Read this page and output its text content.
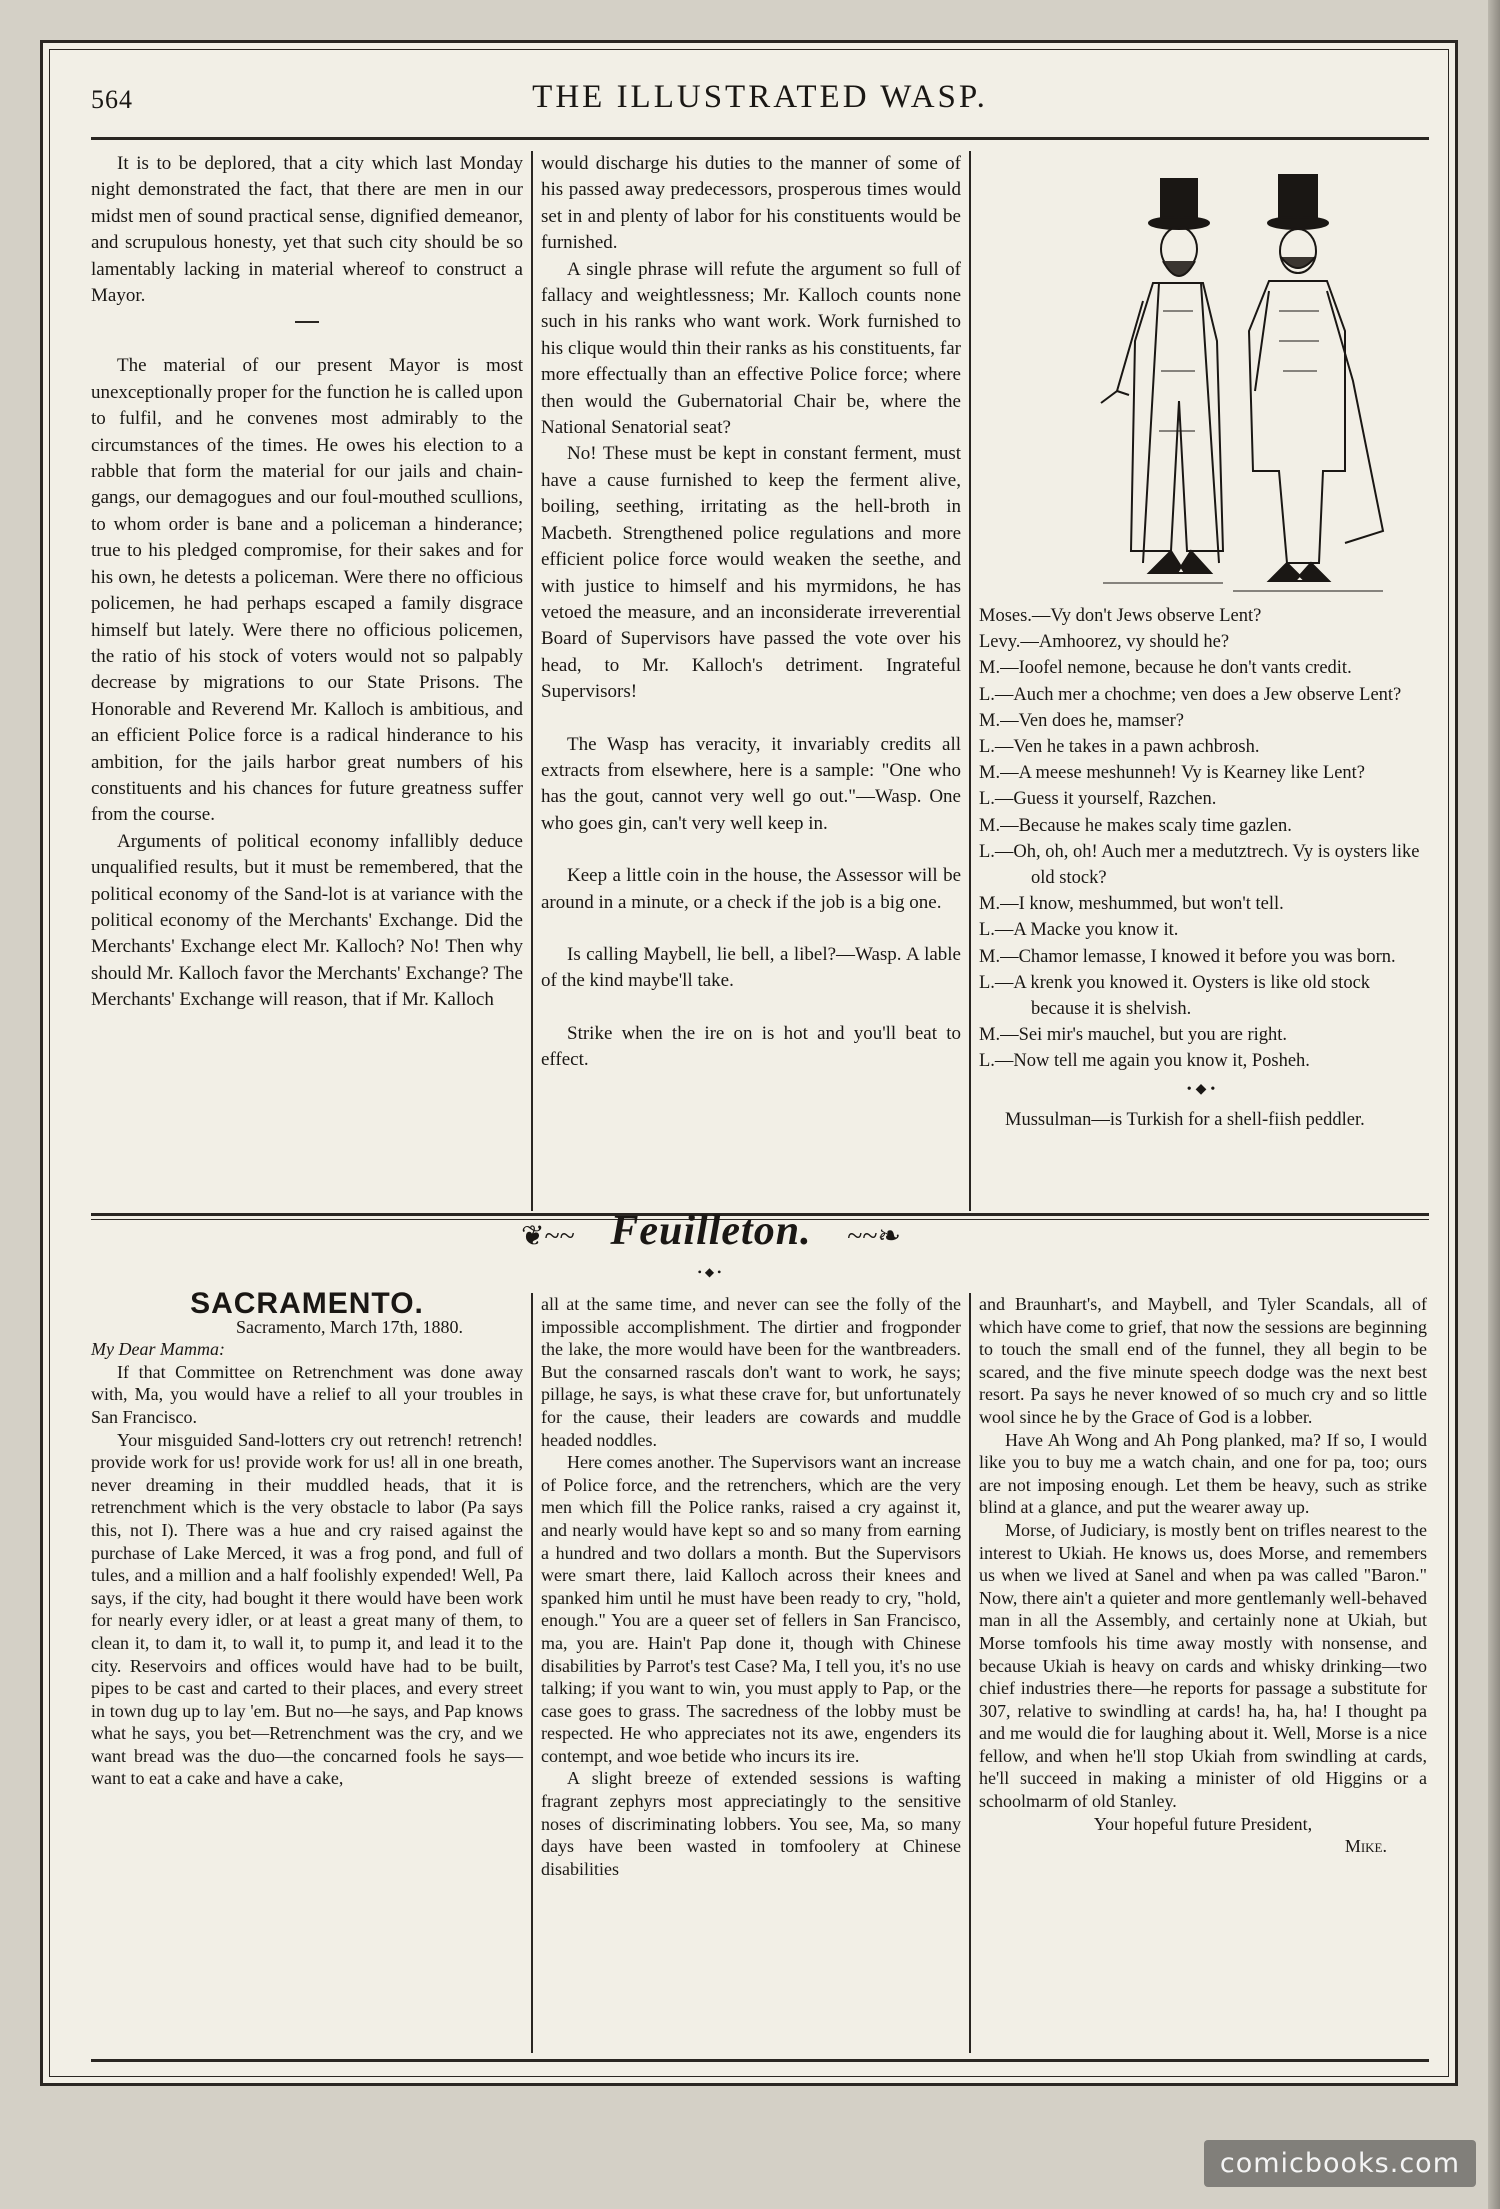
564	THE ILLUSTRATED WASP.

It is to be deplored, that a city which last Monday night demonstrated the fact, that there are men in our midst men of sound practical sense, dignified demeanor, and scrupulous honesty, yet that such city should be so lamentably lacking in material whereof to construct a Mayor.

The material of our present Mayor is most unexceptionally proper for the function he is called upon to fulfil, and he convenes most admirably to the circumstances of the times. He owes his election to a rabble that form the material for our jails and chain-gangs, our demagogues and our foul-mouthed scullions, to whom order is bane and a policeman a hinderance; true to his pledged compromise, for their sakes and for his own, he detests a policeman. Were there no officious policemen, he had perhaps escaped a family disgrace himself but lately. Were there no officious policemen, the ratio of his stock of voters would not so palpably decrease by migrations to our State Prisons. The Honorable and Reverend Mr. Kalloch is ambitious, and an efficient Police force is a radical hinderance to his ambition, for the jails harbor great numbers of his constituents and his chances for future greatness suffer from the course.

Arguments of political economy infallibly deduce unqualified results, but it must be remembered, that the political economy of the Sand-lot is at variance with the political economy of the Merchants' Exchange. Did the Merchants' Exchange elect Mr. Kalloch? No! Then why should Mr. Kalloch favor the Merchants' Exchange? The Merchants' Exchange will reason, that if Mr. Kalloch

would discharge his duties to the manner of some of his passed away predecessors, prosperous times would set in and plenty of labor for his constituents would be furnished.

A single phrase will refute the argument so full of fallacy and weightlessness; Mr. Kalloch counts none such in his ranks who want work. Work furnished to his clique would thin their ranks as his constituents, far more effectually than an effective Police force; where then would the Gubernatorial Chair be, where the National Senatorial seat?

No! These must be kept in constant ferment, must have a cause furnished to keep the ferment alive, boiling, seething, irritating as the hell-broth in Macbeth. Strengthened police regulations and more efficient police force would weaken the seethe, and with justice to himself and his myrmidons, he has vetoed the measure, and an inconsiderate irreverential Board of Supervisors have passed the vote over his head, to Mr. Kalloch's detriment. Ingrateful Supervisors!

The Wasp has veracity, it invariably credits all extracts from elsewhere, here is a sample: "One who has the gout, cannot very well go out."—Wasp. One who goes gin, can't very well keep in.

Keep a little coin in the house, the Assessor will be around in a minute, or a check if the job is a big one.

Is calling Maybell, lie bell, a libel?—Wasp. A lable of the kind maybe'll take.

Strike when the ire on is hot and you'll beat to effect.

Moses.—Vy don't Jews observe Lent?

Levy.—Amhoorez, vy should he?

M.—Ioofel nemone, because he don't vants credit.

L.—Auch mer a chochme; ven does a Jew observe Lent?

M.—Ven does he, mamser?

L.—Ven he takes in a pawn achbrosh.

M.—A meese meshunneh! Vy is Kearney like Lent?

L.—Guess it yourself, Razchen.

M.—Because he makes scaly time gazlen.

L.—Oh, oh, oh! Auch mer a medutztrech. Vy is oysters like old stock?

M.—I know, meshummed, but won't tell.

L.—A Macke you know it.

M.—Chamor lemasse, I knowed it before you was born.

L.—A krenk you knowed it. Oysters is like old stock because it is shelvish.

M.—Sei mir's mauchel, but you are right.

L.—Now tell me again you know it, Posheh.

•◆•

Mussulman—is Turkish for a shell-fiish peddler.

❦~~ Feuilleton.	~~❧
•◆•

SACRAMENTO.

Sacramento, March 17th, 1880.

My Dear Mamma:

If that Committee on Retrenchment was done away with, Ma, you would have a relief to all your troubles in San Francisco.

Your misguided Sand-lotters cry out retrench! retrench! provide work for us! provide work for us! all in one breath, never dreaming in their muddled heads, that it is retrenchment which is the very obstacle to labor (Pa says this, not I). There was a hue and cry raised against the purchase of Lake Merced, it was a frog pond, and full of tules, and a million and a half foolishly expended! Well, Pa says, if the city, had bought it there would have been work for nearly every idler, or at least a great many of them, to clean it, to dam it, to wall it, to pump it, and lead it to the city. Reservoirs and offices would have had to be built, pipes to be cast and carted to their places, and every street in town dug up to lay 'em. But no—he says, and Pap knows what he says, you bet—Retrenchment was the cry, and we want bread was the duo—the concarned fools he says—want to eat a cake and have a cake,

all at the same time, and never can see the folly of the impossible accomplishment. The dirtier and frogponder the lake, the more would have been for the wantbreaders. But the consarned rascals don't want to work, he says; pillage, he says, is what these crave for, but unfortunately for the cause, their leaders are cowards and muddle headed noddles.

Here comes another. The Supervisors want an increase of Police force, and the retrenchers, which are the very men which fill the Police ranks, raised a cry against it, and nearly would have kept so and so many from earning a hundred and two dollars a month. But the Supervisors were smart there, laid Kalloch across their knees and spanked him until he must have been ready to cry, "hold, enough." You are a queer set of fellers in San Francisco, ma, you are. Hain't Pap done it, though with Chinese disabilities by Parrot's test Case? Ma, I tell you, it's no use talking; if you want to win, you must apply to Pap, or the case goes to grass. The sacredness of the lobby must be respected. He who appreciates not its awe, engenders its contempt, and woe betide who incurs its ire.

A slight breeze of extended sessions is wafting fragrant zephyrs most appreciatingly to the sensitive noses of discriminating lobbers. You see, Ma, so many days have been wasted in tomfoolery at Chinese disabilities

and Braunhart's, and Maybell, and Tyler Scandals, all of which have come to grief, that now the sessions are beginning to touch the small end of the funnel, they all begin to be scared, and the five minute speech dodge was the next best resort. Pa says he never knowed of so much cry and so little wool since he by the Grace of God is a lobber.

Have Ah Wong and Ah Pong planked, ma? If so, I would like you to buy me a watch chain, and one for pa, too; ours are not imposing enough. Let them be heavy, such as strike blind at a glance, and put the wearer away up.

Morse, of Judiciary, is mostly bent on trifles nearest to the interest to Ukiah. He knows us, does Morse, and remembers us when we lived at Sanel and when pa was called "Baron." Now, there ain't a quieter and more gentlemanly well-behaved man in all the Assembly, and certainly none at Ukiah, but Morse tomfools his time away mostly with nonsense, and because Ukiah is heavy on cards and whisky drinking—two chief industries there—he reports for passage a substitute for 307, relative to swindling at cards! ha, ha, ha! I thought pa and me would die for laughing about it. Well, Morse is a nice fellow, and when he'll stop Ukiah from swindling at cards, he'll succeed in making a minister of old Higgins or a schoolmarm of old Stanley.

Your hopeful future President,

Mike.

comicbooks.com
